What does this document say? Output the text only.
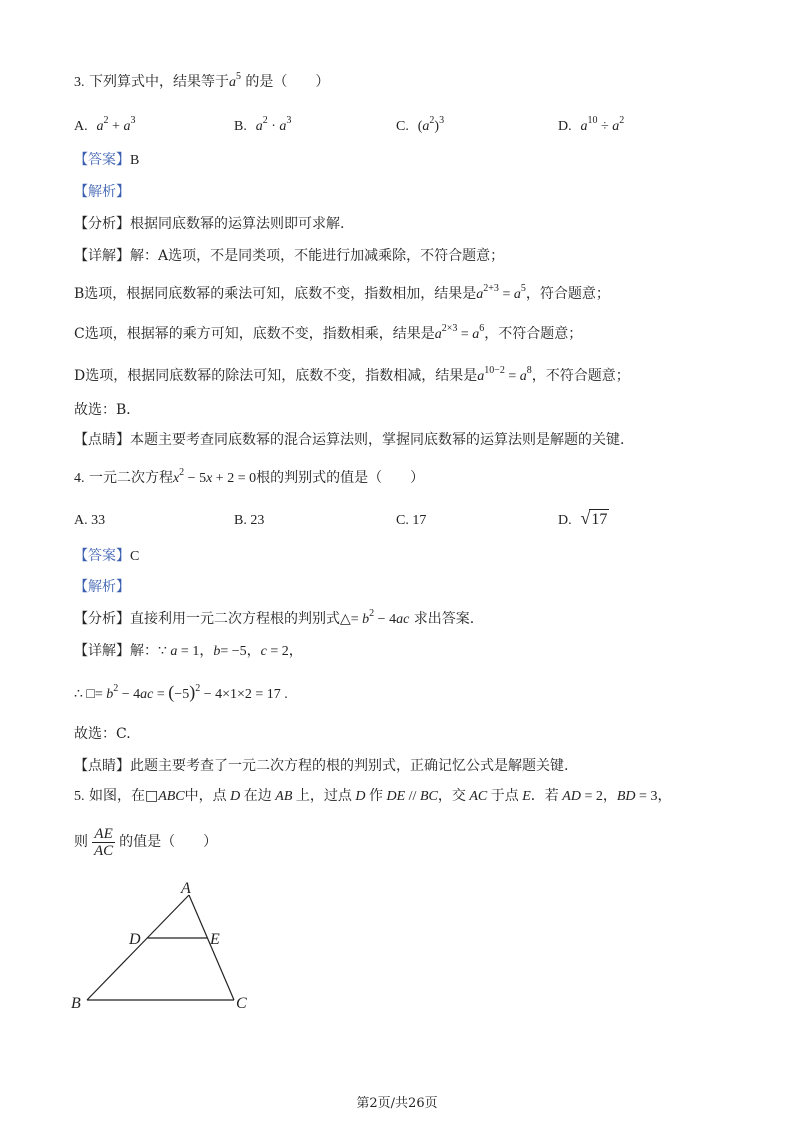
3. 下列算式中，结果等于$a^5$ 的是（　　）
A. $a^2 + a^3$	B. $a^2 \cdot a^3$	C. $(a^2)^3$	D. $a^{10} \div a^2$
【答案】B
【解析】
【分析】根据同底数幂的运算法则即可求解.
【详解】解：A选项，不是同类项，不能进行加减乘除，不符合题意；
B选项，根据同底数幂的乘法可知，底数不变，指数相加，结果是$a^{2+3} = a^5$，符合题意；
C选项，根据幂的乘方可知，底数不变，指数相乘，结果是$a^{2\times 3} = a^6$，不符合题意；
D选项，根据同底数幂的除法可知，底数不变，指数相减，结果是$a^{10-2} = a^8$，不符合题意；
故选：B．
【点睛】本题主要考查同底数幂的混合运算法则，掌握同底数幂的运算法则是解题的关键.
4. 一元二次方程$x^2 - 5x + 2 = 0$根的判别式的值是（　　）
A. 33	B. 23	C. 17	D. √17
【答案】C
【解析】
【分析】直接利用一元二次方程根的判别式△= $b^2 - 4ac$ 求出答案.
【详解】解：∵ a = 1，b= −5，c = 2，
∴ □= $b^2 - 4ac = (-5)^2 - 4\times 1\times 2 = 17$ .
故选：C.
【点睛】此题主要考查了一元二次方程的根的判别式，正确记忆公式是解题关键.
5. 如图，在□ABC中，点 D 在边 AB 上，过点 D 作 DE // BC，交 AC 于点 E．若 AD = 2，BD = 3，
则 $\frac{AE}{AC}$ 的值是（　　）
A
D	E
B	C
第2页/共26页
